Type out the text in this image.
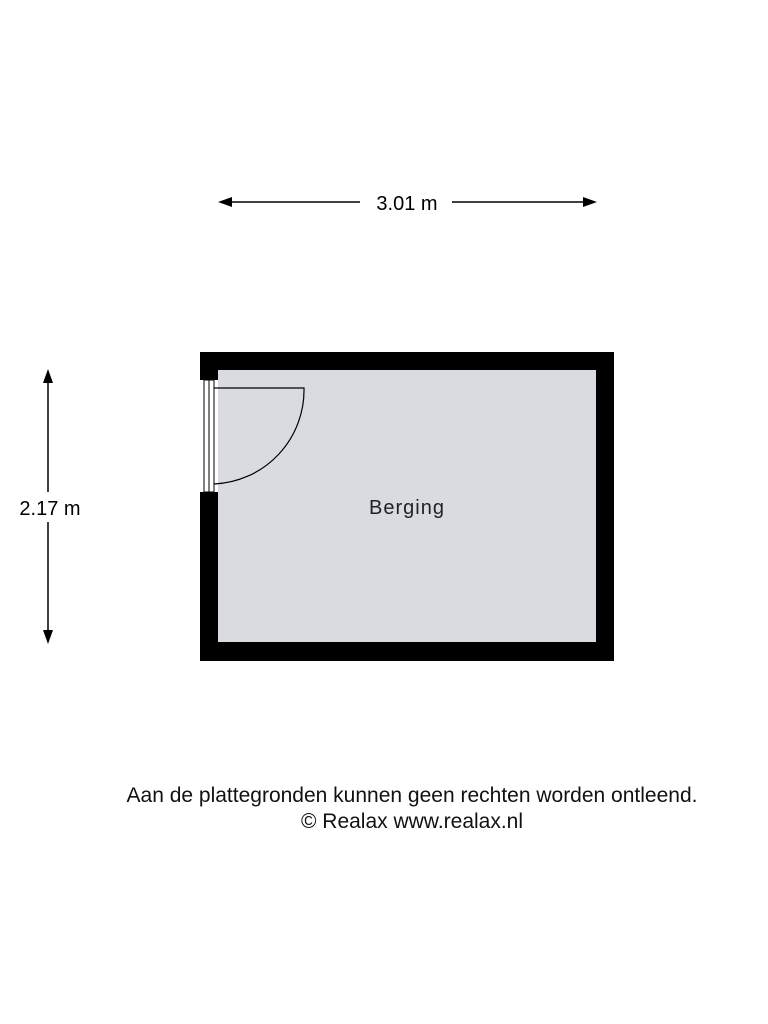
3.01 m
2.17 m	Berging
Aan de plattegronden kunnen geen rechten worden ontleend.
© Realax www.realax.nl
